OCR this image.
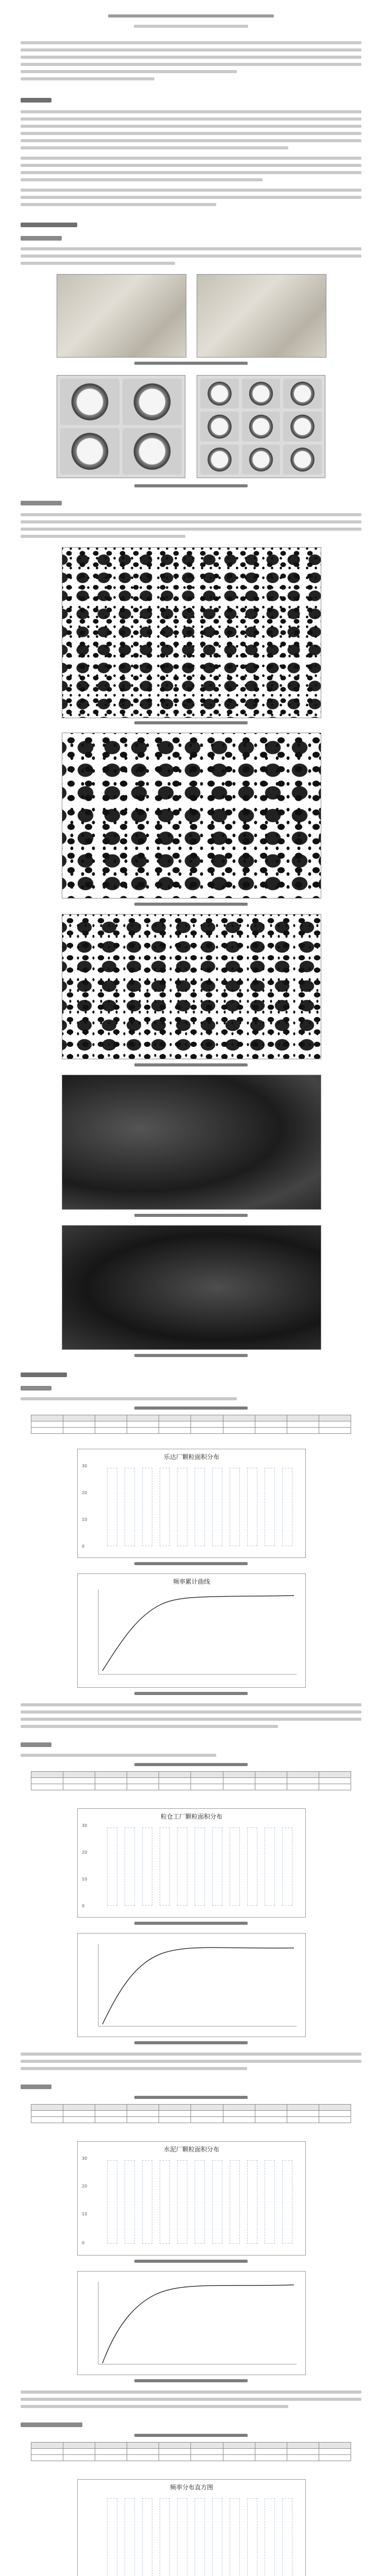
乐达厂颗粒面积分布
30
20
10
0
频率累计曲线

粒仓工厂颗粒面积分布
30
20
10
0

水泥厂颗粒面积分布
30
20
10
0

频率分布直方图
